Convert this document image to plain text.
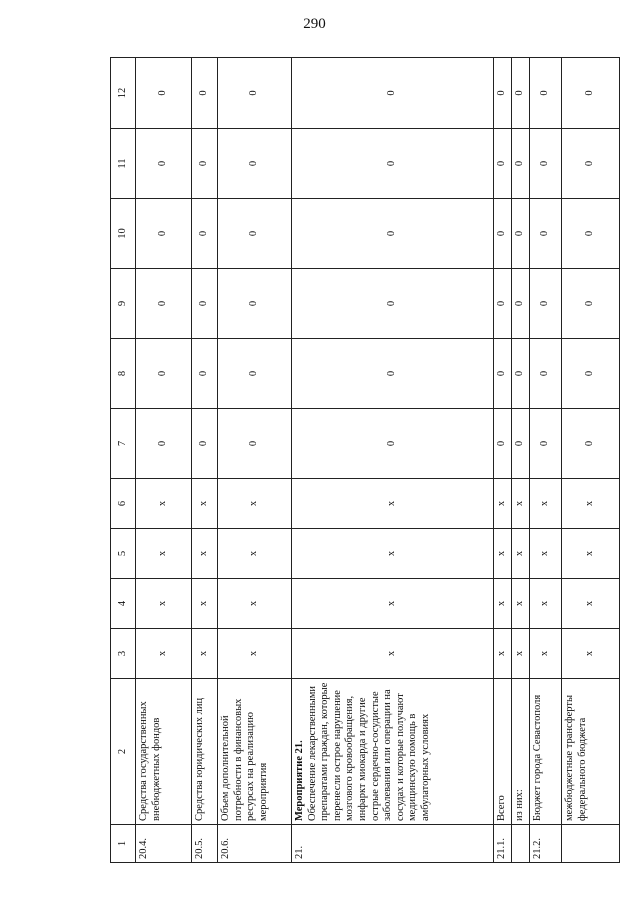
290
1	2	3	4	5	6	7	8	9	10	11	12
20.4.	Средства государственных внебюджетных фондов	x	x	x	x	0	0	0	0	0	0
20.5.	Средства юридических лиц	x	x	x	x	0	0	0	0	0	0
20.6.	Объем дополнительной потребности в финансовых ресурсах на реализацию мероприятия	x	x	x	x	0	0	0	0	0	0
21.	Мероприятие 21. Обеспечение лекарственными препаратами граждан, которые перенесли острое нарушение мозгового кровообращения, инфаркт миокарда и другие острые сердечно-сосудистые заболевания или операции на сосудах и которые получают медицинскую помощь в амбулаторных условиях	x	x	x	x	0	0	0	0	0	0
21.1.	Всего	x	x	x	x	0	0	0	0	0	0
	из них:	x	x	x	x	0	0	0	0	0	0
21.2.	Бюджет города Севастополя	x	x	x	x	0	0	0	0	0	0
	межбюджетные трансферты федерального бюджета	x	x	x	x	0	0	0	0	0	0
